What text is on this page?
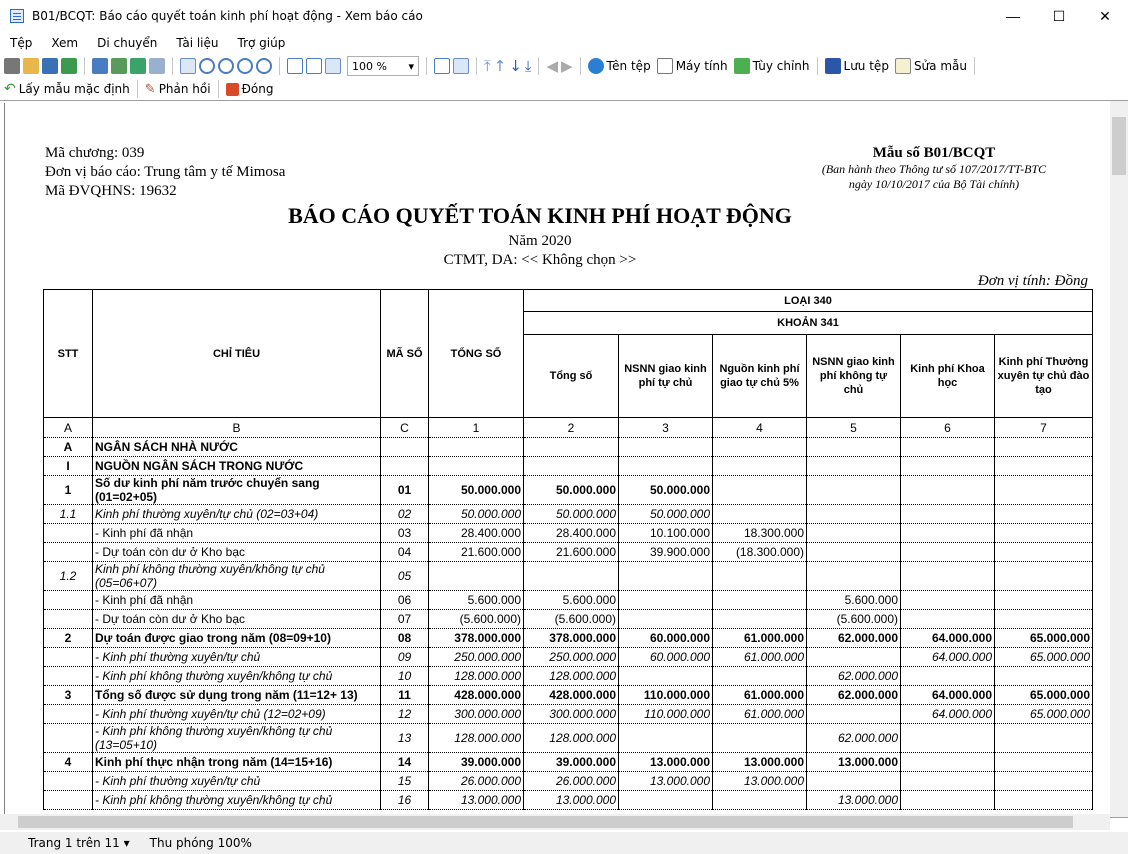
B01/BCQT: Báo cáo quyết toán kinh phí hoạt động - Xem báo cáo	—	☐	✕
Tệp	Xem	Di chuyển	Tài liệu	Trợ giúp
100 % ▾	⤒ ↑ ↓ ⤓ ◀ ▶	Tên tệp Máy tính Tùy chỉnh	Lưu tệp Sửa mẫu
↶ Lấy mẫu mặc định ✎ Phản hồi	Đóng
Mã chương: 039
Đơn vị báo cáo: Trung tâm y tế Mimosa
Mã ĐVQHNS: 19632
Mẫu số B01/BCQT
(Ban hành theo Thông tư số 107/2017/TT-BTC
ngày 10/10/2017 của Bộ Tài chính)
BÁO CÁO QUYẾT TOÁN KINH PHÍ HOẠT ĐỘNG
Năm 2020
CTMT, DA: << Không chọn >>
Đơn vị tính: Đồng
STT	CHỈ TIÊU	MÃ SỐ	TỔNG SỐ	LOẠI 340					
				KHOẢN 341					
				Tổng số	NSNN giao kinh phí tự chủ	Nguồn kinh phí giao tự chủ 5%	NSNN giao kinh phí không tự chủ	Kinh phí Khoa học	Kinh phí Thường xuyên tự chủ đào tạo
A	B	C	1	2	3	4	5	6	7
A	NGÂN SÁCH NHÀ NƯỚC								
I	NGUỒN NGÂN SÁCH TRONG NƯỚC								
1	Số dư kinh phí năm trước chuyển sang (01=02+05)	01	50.000.000	50.000.000	50.000.000				
1.1	Kinh phí thường xuyên/tự chủ (02=03+04)	02	50.000.000	50.000.000	50.000.000				
	- Kinh phí đã nhận	03	28.400.000	28.400.000	10.100.000	18.300.000			
	- Dự toán còn dư ở Kho bạc	04	21.600.000	21.600.000	39.900.000	(18.300.000)			
1.2	Kinh phí không thường xuyên/không tự chủ (05=06+07)	05							
	- Kinh phí đã nhận	06	5.600.000	5.600.000			5.600.000		
	- Dự toán còn dư ở Kho bạc	07	(5.600.000)	(5.600.000)			(5.600.000)		
2	Dự toán được giao trong năm (08=09+10)	08	378.000.000	378.000.000	60.000.000	61.000.000	62.000.000	64.000.000	65.000.000
	- Kinh phí thường xuyên/tự chủ	09	250.000.000	250.000.000	60.000.000	61.000.000		64.000.000	65.000.000
	- Kinh phí không thường xuyên/không tự chủ	10	128.000.000	128.000.000			62.000.000		
3	Tổng số được sử dụng trong năm (11=12+ 13)	11	428.000.000	428.000.000	110.000.000	61.000.000	62.000.000	64.000.000	65.000.000
	- Kinh phí thường xuyên/tự chủ (12=02+09)	12	300.000.000	300.000.000	110.000.000	61.000.000		64.000.000	65.000.000
	- Kinh phí không thường xuyên/không tự chủ (13=05+10)	13	128.000.000	128.000.000			62.000.000		
4	Kinh phí thực nhận trong năm (14=15+16)	14	39.000.000	39.000.000	13.000.000	13.000.000	13.000.000		
	- Kinh phí thường xuyên/tự chủ	15	26.000.000	26.000.000	13.000.000	13.000.000			
	- Kinh phí không thường xuyên/không tự chủ	16	13.000.000	13.000.000			13.000.000		
Trang 1 trên 11 ▾ Thu phóng 100%
